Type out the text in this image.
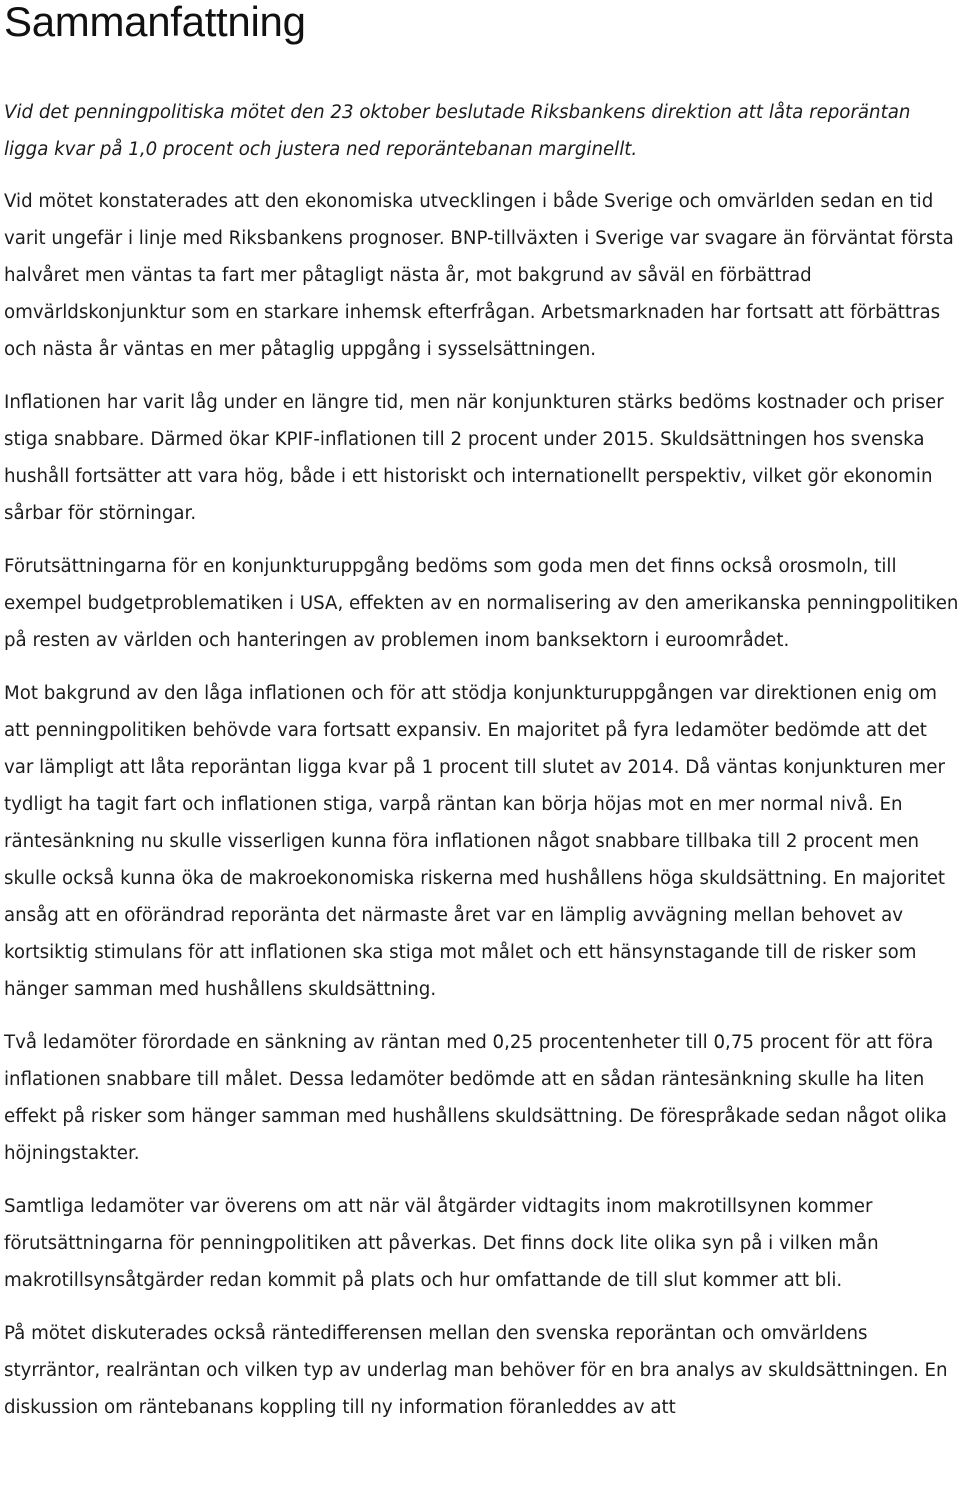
Sammanfattning

Vid det penningpolitiska mötet den 23 oktober beslutade Riksbankens direktion att låta reporäntan ligga kvar på 1,0 procent och justera ned reporäntebanan marginellt.

Vid mötet konstaterades att den ekonomiska utvecklingen i både Sverige och omvärlden sedan en tid varit ungefär i linje med Riksbankens prognoser. BNP-tillväxten i Sverige var svagare än förväntat första halvåret men väntas ta fart mer påtagligt nästa år, mot bakgrund av såväl en förbättrad omvärldskonjunktur som en starkare inhemsk efterfrågan. Arbetsmarknaden har fortsatt att förbättras och nästa år väntas en mer påtaglig uppgång i sysselsättningen.

Inflationen har varit låg under en längre tid, men när konjunkturen stärks bedöms kostnader och priser stiga snabbare. Därmed ökar KPIF-inflationen till 2 procent under 2015. Skuldsättningen hos svenska hushåll fortsätter att vara hög, både i ett historiskt och internationellt perspektiv, vilket gör ekonomin sårbar för störningar.

Förutsättningarna för en konjunkturuppgång bedöms som goda men det finns också orosmoln, till exempel budgetproblematiken i USA, effekten av en normalisering av den amerikanska penningpolitiken på resten av världen och hanteringen av problemen inom banksektorn i euroområdet.

Mot bakgrund av den låga inflationen och för att stödja konjunkturuppgången var direktionen enig om att penningpolitiken behövde vara fortsatt expansiv. En majoritet på fyra ledamöter bedömde att det var lämpligt att låta reporäntan ligga kvar på 1 procent till slutet av 2014. Då väntas konjunkturen mer tydligt ha tagit fart och inflationen stiga, varpå räntan kan börja höjas mot en mer normal nivå. En räntesänkning nu skulle visserligen kunna föra inflationen något snabbare tillbaka till 2 procent men skulle också kunna öka de makroekonomiska riskerna med hushållens höga skuldsättning. En majoritet ansåg att en oförändrad reporänta det närmaste året var en lämplig avvägning mellan behovet av kortsiktig stimulans för att inflationen ska stiga mot målet och ett hänsynstagande till de risker som hänger samman med hushållens skuldsättning.

Två ledamöter förordade en sänkning av räntan med 0,25 procentenheter till 0,75 procent för att föra inflationen snabbare till målet. Dessa ledamöter bedömde att en sådan räntesänkning skulle ha liten effekt på risker som hänger samman med hushållens skuldsättning. De förespråkade sedan något olika höjningstakter.

Samtliga ledamöter var överens om att när väl åtgärder vidtagits inom makrotillsynen kommer förutsättningarna för penningpolitiken att påverkas. Det finns dock lite olika syn på i vilken mån makrotillsynsåtgärder redan kommit på plats och hur omfattande de till slut kommer att bli.

På mötet diskuterades också räntedifferensen mellan den svenska reporäntan och omvärldens styrräntor, realräntan och vilken typ av underlag man behöver för en bra analys av skuldsättningen. En diskussion om räntebanans koppling till ny information föranleddes av att
